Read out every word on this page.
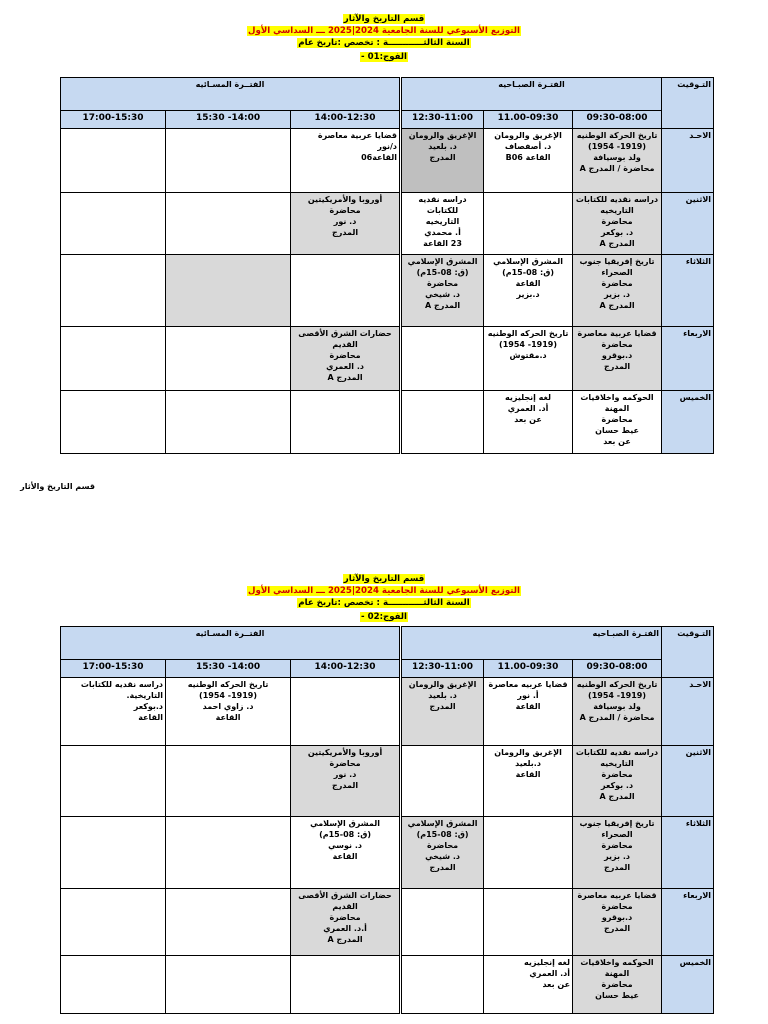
قسم التاريخ والآثار
التوزيع الأسبوعي للسنة الجامعية 2024|2025 ـــ السداسي الأول
السنة الثالثــــــــــــة : تخصص :تاريخ عام
الفوج:01 -
التـوقيت	الفتـرة الصبـاحيه			الفتــرة المسـائيه		
	09:30-08:00	11.00-09:30	12:30-11:00	14:00-12:30	15:30 -14:00	17:00-15:30
الاحـد	تاريخ الحركة الوطنيه
(1919- 1954)
ولد بوسيافة
محاضرة / المدرج A	الإغريق والرومان
د. أصفصاف
القاعة B06	الإغريق والرومان
د. بلعيد
المدرج	قضايا عربية معاصرة
د/نور
القاعة06		

الاثنين	دراسه نقديه للكتابات
التاريخيه
محاضرة
د. بوكعر
المدرج A		دراسه نقديه للكتابات
التاريخيه
أ. محمدي
23 القاعة	أوروبا والأمريكيتين
محاضرة
د. نور
المدرج		

الثلاثاء	تاريخ إفريقيا جنوب
الصحراء
محاضرة
د. بزير
المدرج A	المشرق الإسلامي
(ق: 08-15م)
القاعة
د.بزير	المشرق الإسلامي
(ق: 08-15م)
محاضرة
د. شيخي
المدرج A			

الاربعاء	قضايا عربية معاصرة
محاضرة
د.بوقرو
المدرج	تاريخ الحركه الوطنيه
(1919- 1954)
د.مقتوش		حضارات الشرق الأقصى
القديم
محاضرة
د. العمري
المدرج A		

الخميس	الحوكمه واخلاقيات
المهنة
محاضرة
عيط حسان
عن بعد	لغه إنجليزيه
أد. العمري
عن بعد				

قسم التاريخ والأثار
قسم التاريخ والآثار
التوزيع الأسبوعي للسنة الجامعية 2024|2025 ـــ السداسي الأول
السنة الثالثــــــــــــة : تخصص :تاريخ عام
الفوج:02 -
التـوقيت	الفتـرة الصبـاحيه			الفتــرة المسـائيه		
	09:30-08:00	11.00-09:30	12:30-11:00	14:00-12:30	15:30 -14:00	17:00-15:30
الاحـد	تاريخ الحركه الوطنيه
(1919- 1954)
ولد بوسيافة
محاضرة / المدرج A	قضايا عربيه معاصرة
أ. نور
القاعة	الإغريق والرومان
د. بلعيد
المدرج		تاريخ الحركه الوطنيه
(1919- 1954)
د. زاوي احمد
القاعة	دراسه نقديه للكتابات
التاريخية.
د.بوكعر
القاعة

الاثنين	دراسه نقديه للكتابات
التاريخيه
محاضرة
د. بوكعر
المدرج A	الإغريق والرومان
د.بلعيد
القاعة		أوروبا والأمريكيتين
محاضرة
د. نور
المدرج		

الثلاثاء	تاريخ إفريقيا جنوب
الصحراء
محاضرة
د. بزير
المدرج		المشرق الإسلامي
(ق: 08-15م)
محاضرة
د. شيخي
المدرج	المشرق الإسلامي
(ق: 08-15م)
د. نوسي
القاعة		

الاربعاء	قضايا عربيه معاصرة
محاضرة
د.بوقرو
المدرج			حضارات الشرق الأقصى
القديم
محاضرة
أ.د. العمري
المدرج A		

الخميس	الحوكمه واخلاقيات
المهنة
محاضرة
عيط حسان	لغه إنجليزيه
أد. العمري
عن بعد				
